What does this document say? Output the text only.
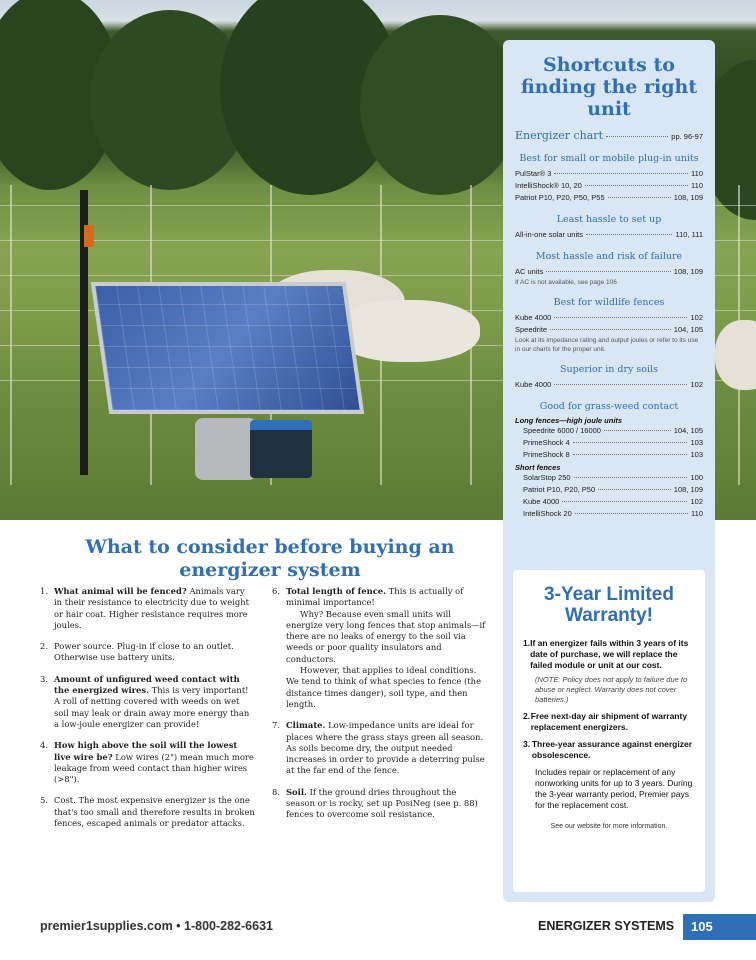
Shortcuts to finding the right unit
Energizer chart	pp. 96-97
Best for small or mobile plug-in units
PulStar® 3	110
IntelliShock® 10, 20	110
Patriot P10, P20, P50, P55	108, 109
Least hassle to set up
All-in-one solar units	110, 111
Most hassle and risk of failure
AC units	108, 109
If AC is not available, see page 106
Best for wildlife fences
Kube 4000	102
Speedrite	104, 105
Look at its impedance rating and output joules or refer to its use in our charts for the proper unit.
Superior in dry soils
Kube 4000	102
Good for grass-weed contact
Long fences—high joule units
Speedrite 6000 / 16000	104, 105
PrimeShock 4	103
PrimeShock 8	103
Short fences
SolarStop 250	100
Patriot P10, P20, P50	108, 109
Kube 4000	102
IntelliShock 20	110
3-Year Limited Warranty!
1. If an energizer fails within 3 years of its date of purchase, we will replace the failed module or unit at our cost.
(NOTE: Policy does not apply to failure due to abuse or neglect. Warranty does not cover batteries.)
2. Free next-day air shipment of warranty replacement energizers.
3. Three-year assurance against energizer obsolescence.
Includes repair or replacement of any nonworking units for up to 3 years. During the 3-year warranty period, Premier pays for the replacement cost.
See our website for more information.
What to consider before buying an energizer system
1. What animal will be fenced? Animals vary in their resistance to electricity due to weight or hair coat. Higher resistance requires more joules.

2. Power source. Plug-in if close to an outlet. Otherwise use battery units.

3. Amount of unfigured weed contact with the energized wires. This is very important! A roll of netting covered with weeds on wet soil may leak or drain away more energy than a low-joule energizer can provide!

4. How high above the soil will the lowest live wire be? Low wires (2") mean much more leakage from weed contact than higher wires (>8").

5. Cost. The most expensive energizer is the one that's too small and therefore results in broken fences, escaped animals or predator attacks.

6. Total length of fence. This is actually of minimal importance!

Why? Because even small units will energize very long fences that stop animals—if there are no leaks of energy to the soil via weeds or poor quality insulators and conductors.

However, that applies to ideal conditions. We tend to think of what species to fence (the distance times danger), soil type, and then length.

7. Climate. Low-impedance units are ideal for places where the grass stays green all season. As soils become dry, the output needed increases in order to provide a deterring pulse at the far end of the fence.

8. Soil. If the ground dries throughout the season or is rocky, set up PosiNeg (see p. 88) fences to overcome soil resistance.

premier1supplies.com • 1-800-282-6631	ENERGIZER SYSTEMS	105
